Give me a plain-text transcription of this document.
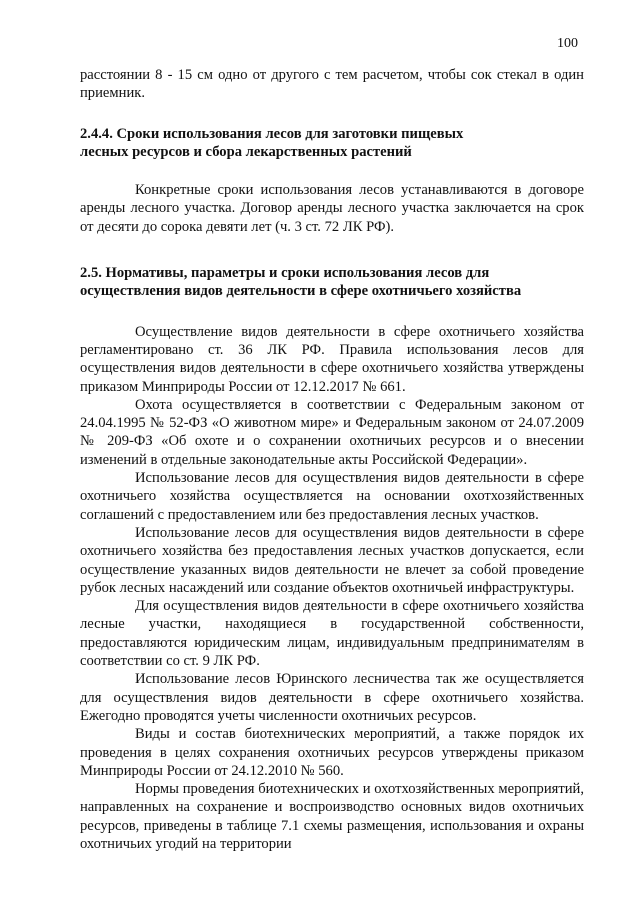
100

расстоянии 8 - 15 см одно от другого с тем расчетом, чтобы сок стекал в один приемник.

2.4.4. Сроки использования лесов для заготовки пищевых

лесных ресурсов и сбора лекарственных растений

Конкретные сроки использования лесов устанавливаются в договоре аренды лесного участка. Договор аренды лесного участка заключается на срок от десяти до сорока девяти лет (ч. 3 ст. 72 ЛК РФ).

2.5. Нормативы, параметры и сроки использования лесов для

осуществления видов деятельности в сфере охотничьего хозяйства

Осуществление видов деятельности в сфере охотничьего хозяйства регламентировано ст. 36 ЛК РФ. Правила использования лесов для осуществления видов деятельности в сфере охотничьего хозяйства утверждены приказом Минприроды России от 12.12.2017 № 661.

Охота осуществляется в соответствии с Федеральным законом от 24.04.1995 № 52-ФЗ «О животном мире» и Федеральным законом от 24.07.2009 № 209-ФЗ «Об охоте и о сохранении охотничьих ресурсов и о внесении изменений в отдельные законодательные акты Российской Федерации».

Использование лесов для осуществления видов деятельности в сфере охотничьего хозяйства осуществляется на основании охотхозяйственных соглашений с предоставлением или без предоставления лесных участков.

Использование лесов для осуществления видов деятельности в сфере охотничьего хозяйства без предоставления лесных участков допускается, если осуществление указанных видов деятельности не влечет за собой проведение рубок лесных насаждений или создание объектов охотничьей инфраструктуры.

Для осуществления видов деятельности в сфере охотничьего хозяйства лесные участки, находящиеся в государственной собственности, предоставляются юридическим лицам, индивидуальным предпринимателям в соответствии со ст. 9 ЛК РФ.

Использование лесов Юринского лесничества так же осуществляется для осуществления видов деятельности в сфере охотничьего хозяйства. Ежегодно проводятся учеты численности охотничьих ресурсов.

Виды и состав биотехнических мероприятий, а также порядок их проведения в целях сохранения охотничьих ресурсов утверждены приказом Минприроды России от 24.12.2010 № 560.

Нормы проведения биотехнических и охотхозяйственных мероприятий, направленных на сохранение и воспроизводство основных видов охотничьих ресурсов, приведены в таблице 7.1 схемы размещения, использования и охраны охотничьих угодий на территории
